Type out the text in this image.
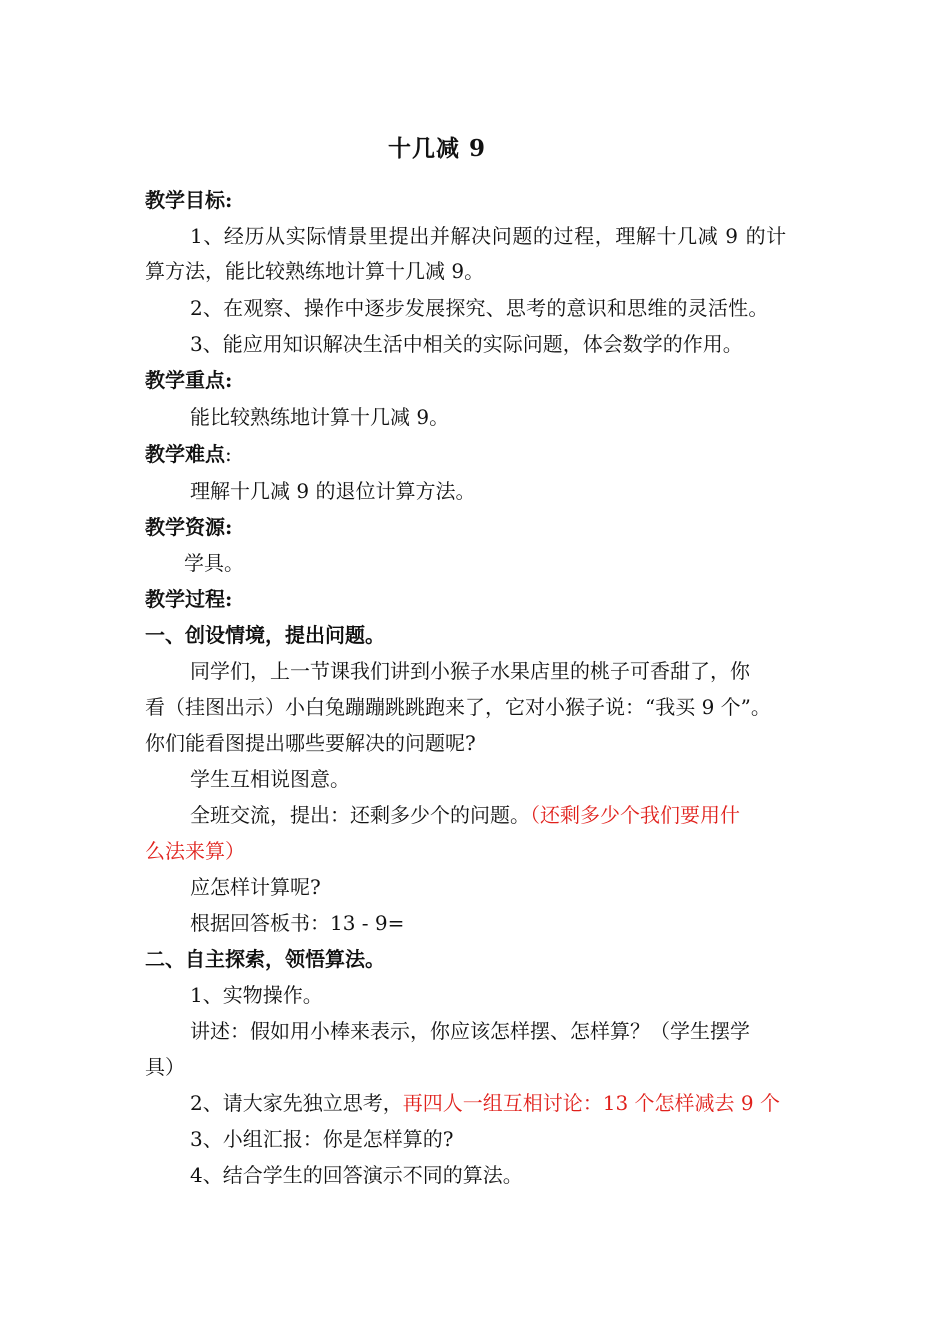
十几减 9
教学目标:
1、经历从实际情景里提出并解决问题的过程，理解十几减 9 的计
算方法，能比较熟练地计算十几减 9。
2、在观察、操作中逐步发展探究、思考的意识和思维的灵活性。
3、能应用知识解决生活中相关的实际问题，体会数学的作用。
教学重点:
能比较熟练地计算十几减 9。
教学难点:
理解十几减 9 的退位计算方法。
教学资源:
学具。
教学过程:
一、创设情境，提出问题。
同学们，上一节课我们讲到小猴子水果店里的桃子可香甜了，你
看（挂图出示）小白兔蹦蹦跳跳跑来了，它对小猴子说：“我买 9 个”。
你们能看图提出哪些要解决的问题呢?
学生互相说图意。
全班交流，提出：还剩多少个的问题。（还剩多少个我们要用什
么法来算）
应怎样计算呢?
根据回答板书：13 - 9=
二、自主探索，领悟算法。
1、实物操作。
讲述：假如用小棒来表示，你应该怎样摆、怎样算？（学生摆学
具）
2、请大家先独立思考，再四人一组互相讨论：13 个怎样减去 9 个
3、小组汇报：你是怎样算的?
4、结合学生的回答演示不同的算法。
